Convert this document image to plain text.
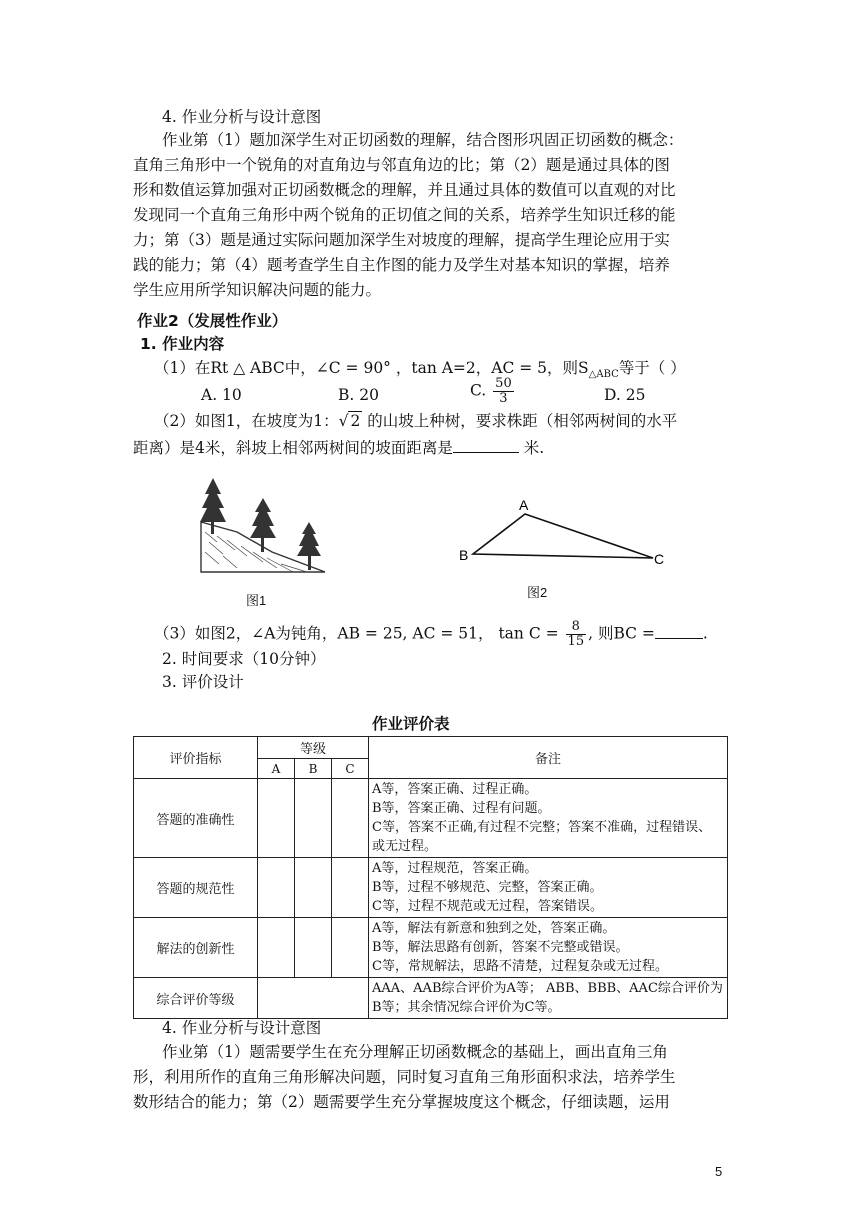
4. 作业分析与设计意图
作业第（1）题加深学生对正切函数的理解，结合图形巩固正切函数的概念：
直角三角形中一个锐角的对直角边与邻直角边的比；第（2）题是通过具体的图
形和数值运算加强对正切函数概念的理解，并且通过具体的数值可以直观的对比
发现同一个直角三角形中两个锐角的正切值之间的关系，培养学生知识迁移的能
力；第（3）题是通过实际问题加深学生对坡度的理解，提高学生理论应用于实
践的能力；第（4）题考查学生自主作图的能力及学生对基本知识的掌握，培养
学生应用所学知识解决问题的能力。
作业2（发展性作业）
1. 作业内容
（1）在Rt △ ABC中，∠C = 90° ，tan A=2，AC = 5，则$S_{\triangle ABC}$等于（ ）
A. 10	B. 20	C. $\frac{50}{3}$	D. 25
（2）如图1，在坡度为1：√ 2 的山坡上种树，要求株距（相邻两树间的水平
距离）是4米，斜坡上相邻两树间的坡面距离是	米.
图1
A
B	C
图2
（3）如图2，∠A为钝角，AB = 25, AC = 51， $\tan C = \frac{8}{15}$ , 则BC =	.
2. 时间要求（10分钟）
3. 评价设计
作业评价表
评价指标	等级			备注
	A	B	C	
答题的准确性				A等，答案正确、过程正确。
B等，答案正确、过程有问题。
C等，答案不正确,有过程不完整；答案不准确，过程错误、或无过程。

答题的规范性				A等，过程规范，答案正确。
B等，过程不够规范、完整，答案正确。
C等，过程不规范或无过程，答案错误。

解法的创新性				A等，解法有新意和独到之处，答案正确。
B等，解法思路有创新，答案不完整或错误。
C等，常规解法，思路不清楚，过程复杂或无过程。

综合评价等级				AAA、AAB综合评价为A等； ABB、BBB、AAC综合评价为B等；其余情况综合评价为C等。
4. 作业分析与设计意图
作业第（1）题需要学生在充分理解正切函数概念的基础上，画出直角三角
形，利用所作的直角三角形解决问题，同时复习直角三角形面积求法，培养学生
数形结合的能力；第（2）题需要学生充分掌握坡度这个概念，仔细读题，运用
5
